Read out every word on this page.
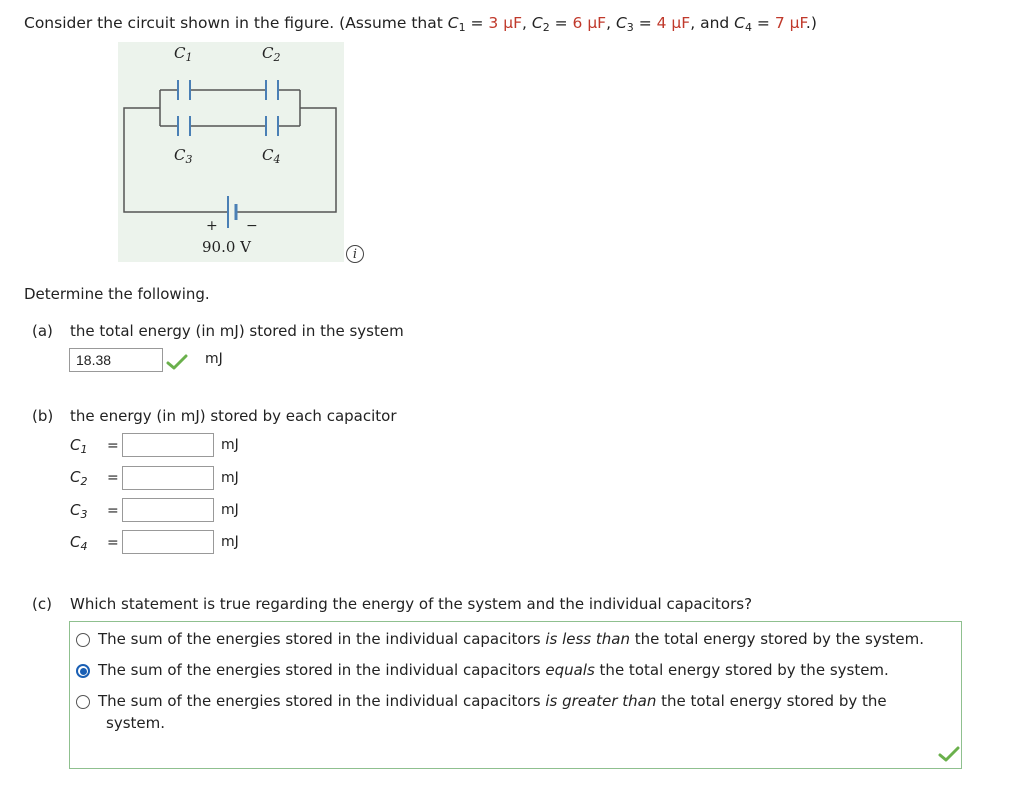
Consider the circuit shown in the figure. (Assume that $C_1 = 3$ μF, $C_2 = 6$ μF, $C_3 = 4$ μF, and $C_4 = 7$ μF.)
$C_1$	$C_2$
$C_3$	$C_4$
+ −
90.0 V	i
Determine the following.
(a) the total energy (in mJ) stored in the system
18.38
mJ
(b) the energy (in mJ) stored by each capacitor
$C_1$ =	mJ
$C_2$ =	mJ
$C_3$ =	mJ
$C_4$ =	mJ
(c) Which statement is true regarding the energy of the system and the individual capacitors?
The sum of the energies stored in the individual capacitors is less than the total energy stored by the system.
The sum of the energies stored in the individual capacitors equals the total energy stored by the system.
The sum of the energies stored in the individual capacitors is greater than the total energy stored by the
system.
